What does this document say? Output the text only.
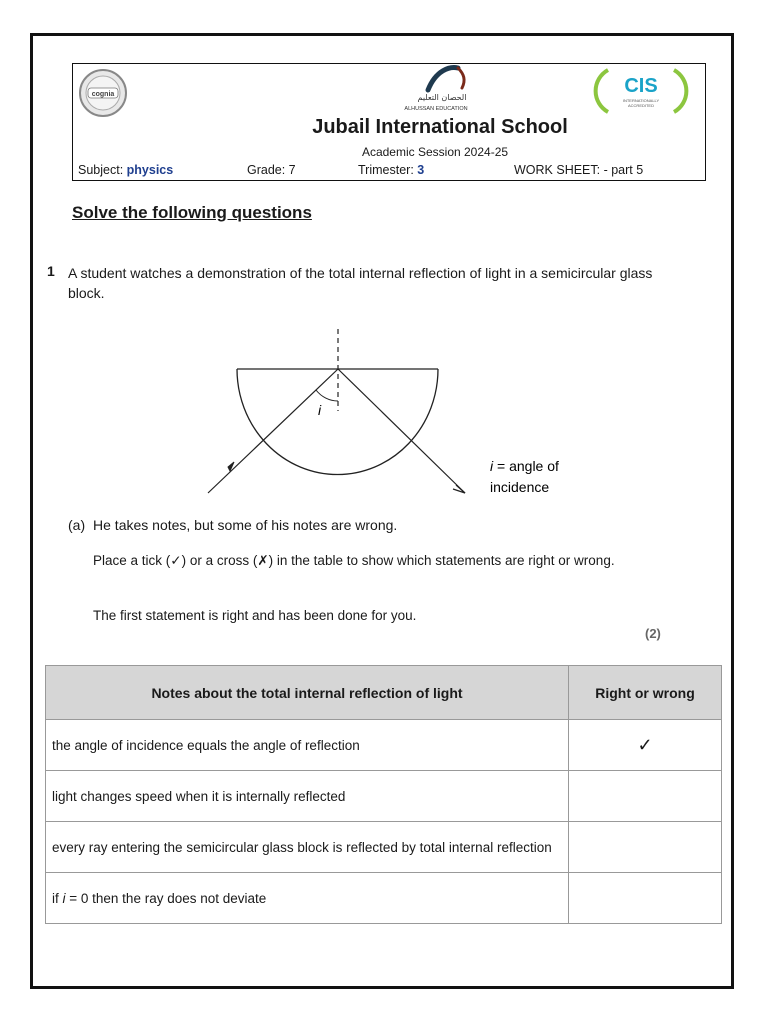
cognia	الحصان التعليم
ALHUSSAN EDUCATION
CIS
INTERNATIONALLY
ACCREDITED
Jubail International School
Academic Session 2024-25
Subject: physics	Grade: 7	Trimester: 3	WORK SHEET: - part 5
Solve the following questions
1 A student watches a demonstration of the total internal reflection of light in a semicircular glass block.
i
i = angle of
incidence
(a) He takes notes, but some of his notes are wrong.
Place a tick (✓) or a cross (✗) in the table to show which statements are right or wrong.
The first statement is right and has been done for you.
(2)
Notes about the total internal reflection of light	Right or wrong
the angle of incidence equals the angle of reflection	✓
light changes speed when it is internally reflected	
every ray entering the semicircular glass block is reflected by total internal reflection	
if i = 0 then the ray does not deviate	
